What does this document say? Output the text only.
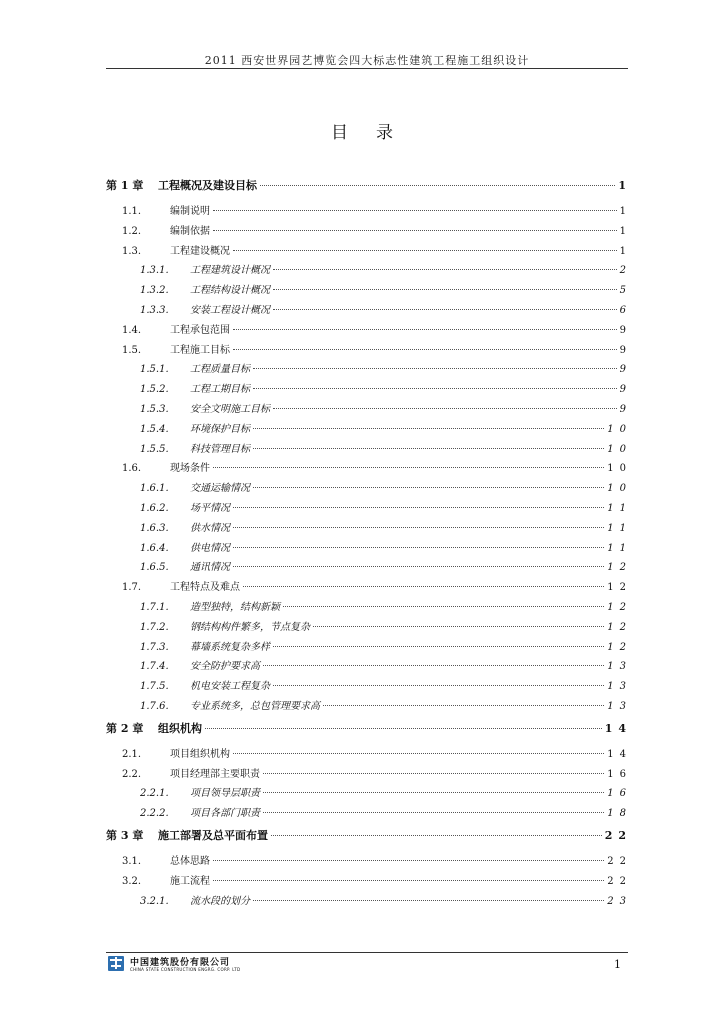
2011 西安世界园艺博览会四大标志性建筑工程施工组织设计
目录
第 1 章	工程概况及建设目标	1
1.1.	编制说明	1
1.2.	编制依据	1
1.3.	工程建设概况	1
1.3.1.	工程建筑设计概况	2
1.3.2.	工程结构设计概况	5
1.3.3.	安装工程设计概况	6
1.4.	工程承包范围	9
1.5.	工程施工目标	9
1.5.1.	工程质量目标	9
1.5.2.	工程工期目标	9
1.5.3.	安全文明施工目标	9
1.5.4.	环境保护目标	10
1.5.5.	科技管理目标	10
1.6.	现场条件	10
1.6.1.	交通运输情况	10
1.6.2.	场平情况	11
1.6.3.	供水情况	11
1.6.4.	供电情况	11
1.6.5.	通讯情况	12
1.7.	工程特点及难点	12
1.7.1.	造型独特，结构新颖	12
1.7.2.	钢结构构件繁多，节点复杂	12
1.7.3.	幕墙系统复杂多样	12
1.7.4.	安全防护要求高	13
1.7.5.	机电安装工程复杂	13
1.7.6.	专业系统多，总包管理要求高	13
第 2 章	组织机构	14
2.1.	项目组织机构	14
2.2.	项目经理部主要职责	16
2.2.1.	项目领导层职责	16
2.2.2.	项目各部门职责	18
第 3 章	施工部署及总平面布置	22
3.1.	总体思路	22
3.2.	施工流程	22
3.2.1.	流水段的划分	23
中国建筑股份有限公司
CHINA STATE CONSTRUCTION ENGRG. CORP. LTD	1
